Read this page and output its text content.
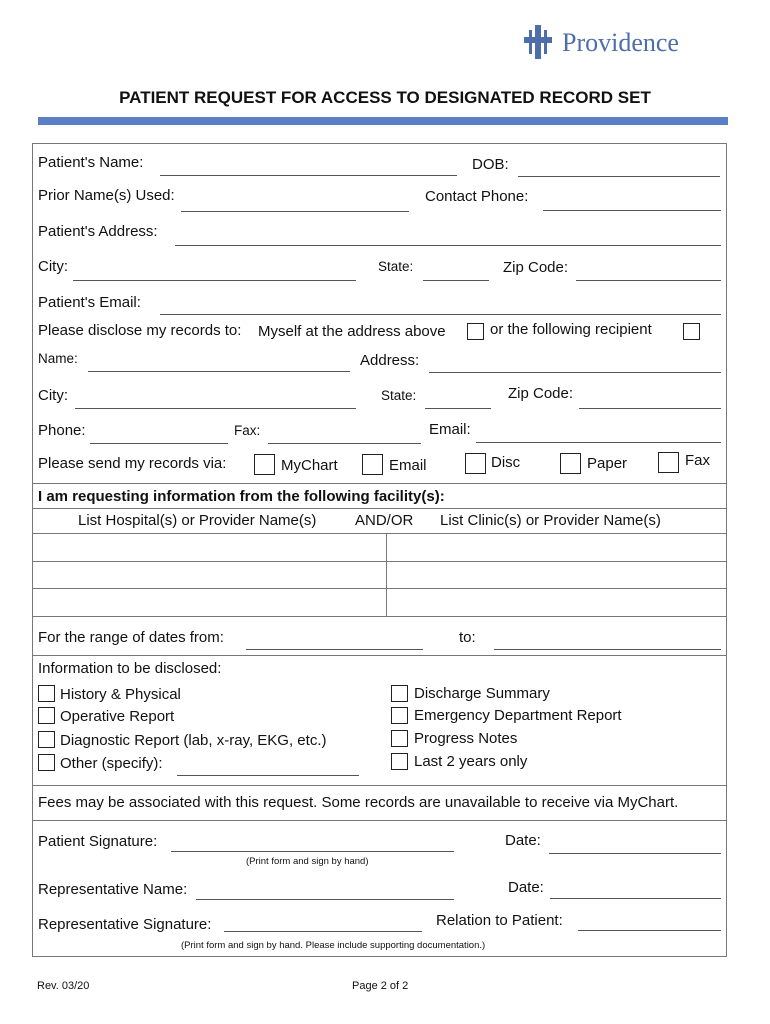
Providence
PATIENT REQUEST FOR ACCESS TO DESIGNATED RECORD SET
Patient's Name:	DOB:
Prior Name(s) Used:	Contact Phone:
Patient's Address:
City:	State:	Zip Code:
Patient's Email:
Please disclose my records to: Myself at the address above	or the following recipient
Name:	Address:
City:	State:	Zip Code:
Phone:	Fax:	Email:
Please send my records via:	MyChart	Email	Disc	Paper	Fax
I am requesting information from the following facility(s):
List Hospital(s) or Provider Name(s)	AND/OR List Clinic(s) or Provider Name(s)
For the range of dates from:	to:
Information to be disclosed:
History & Physical
Operative Report
Diagnostic Report (lab, x-ray, EKG, etc.)
Other (specify):
Discharge Summary
Emergency Department Report
Progress Notes
Last 2 years only
Fees may be associated with this request. Some records are unavailable to receive via MyChart.
Patient Signature:	Date:
(Print form and sign by hand)
Representative Name:	Date:
Representative Signature:	Relation to Patient:
(Print form and sign by hand. Please include supporting documentation.)
Rev. 03/20	Page 2 of 2
